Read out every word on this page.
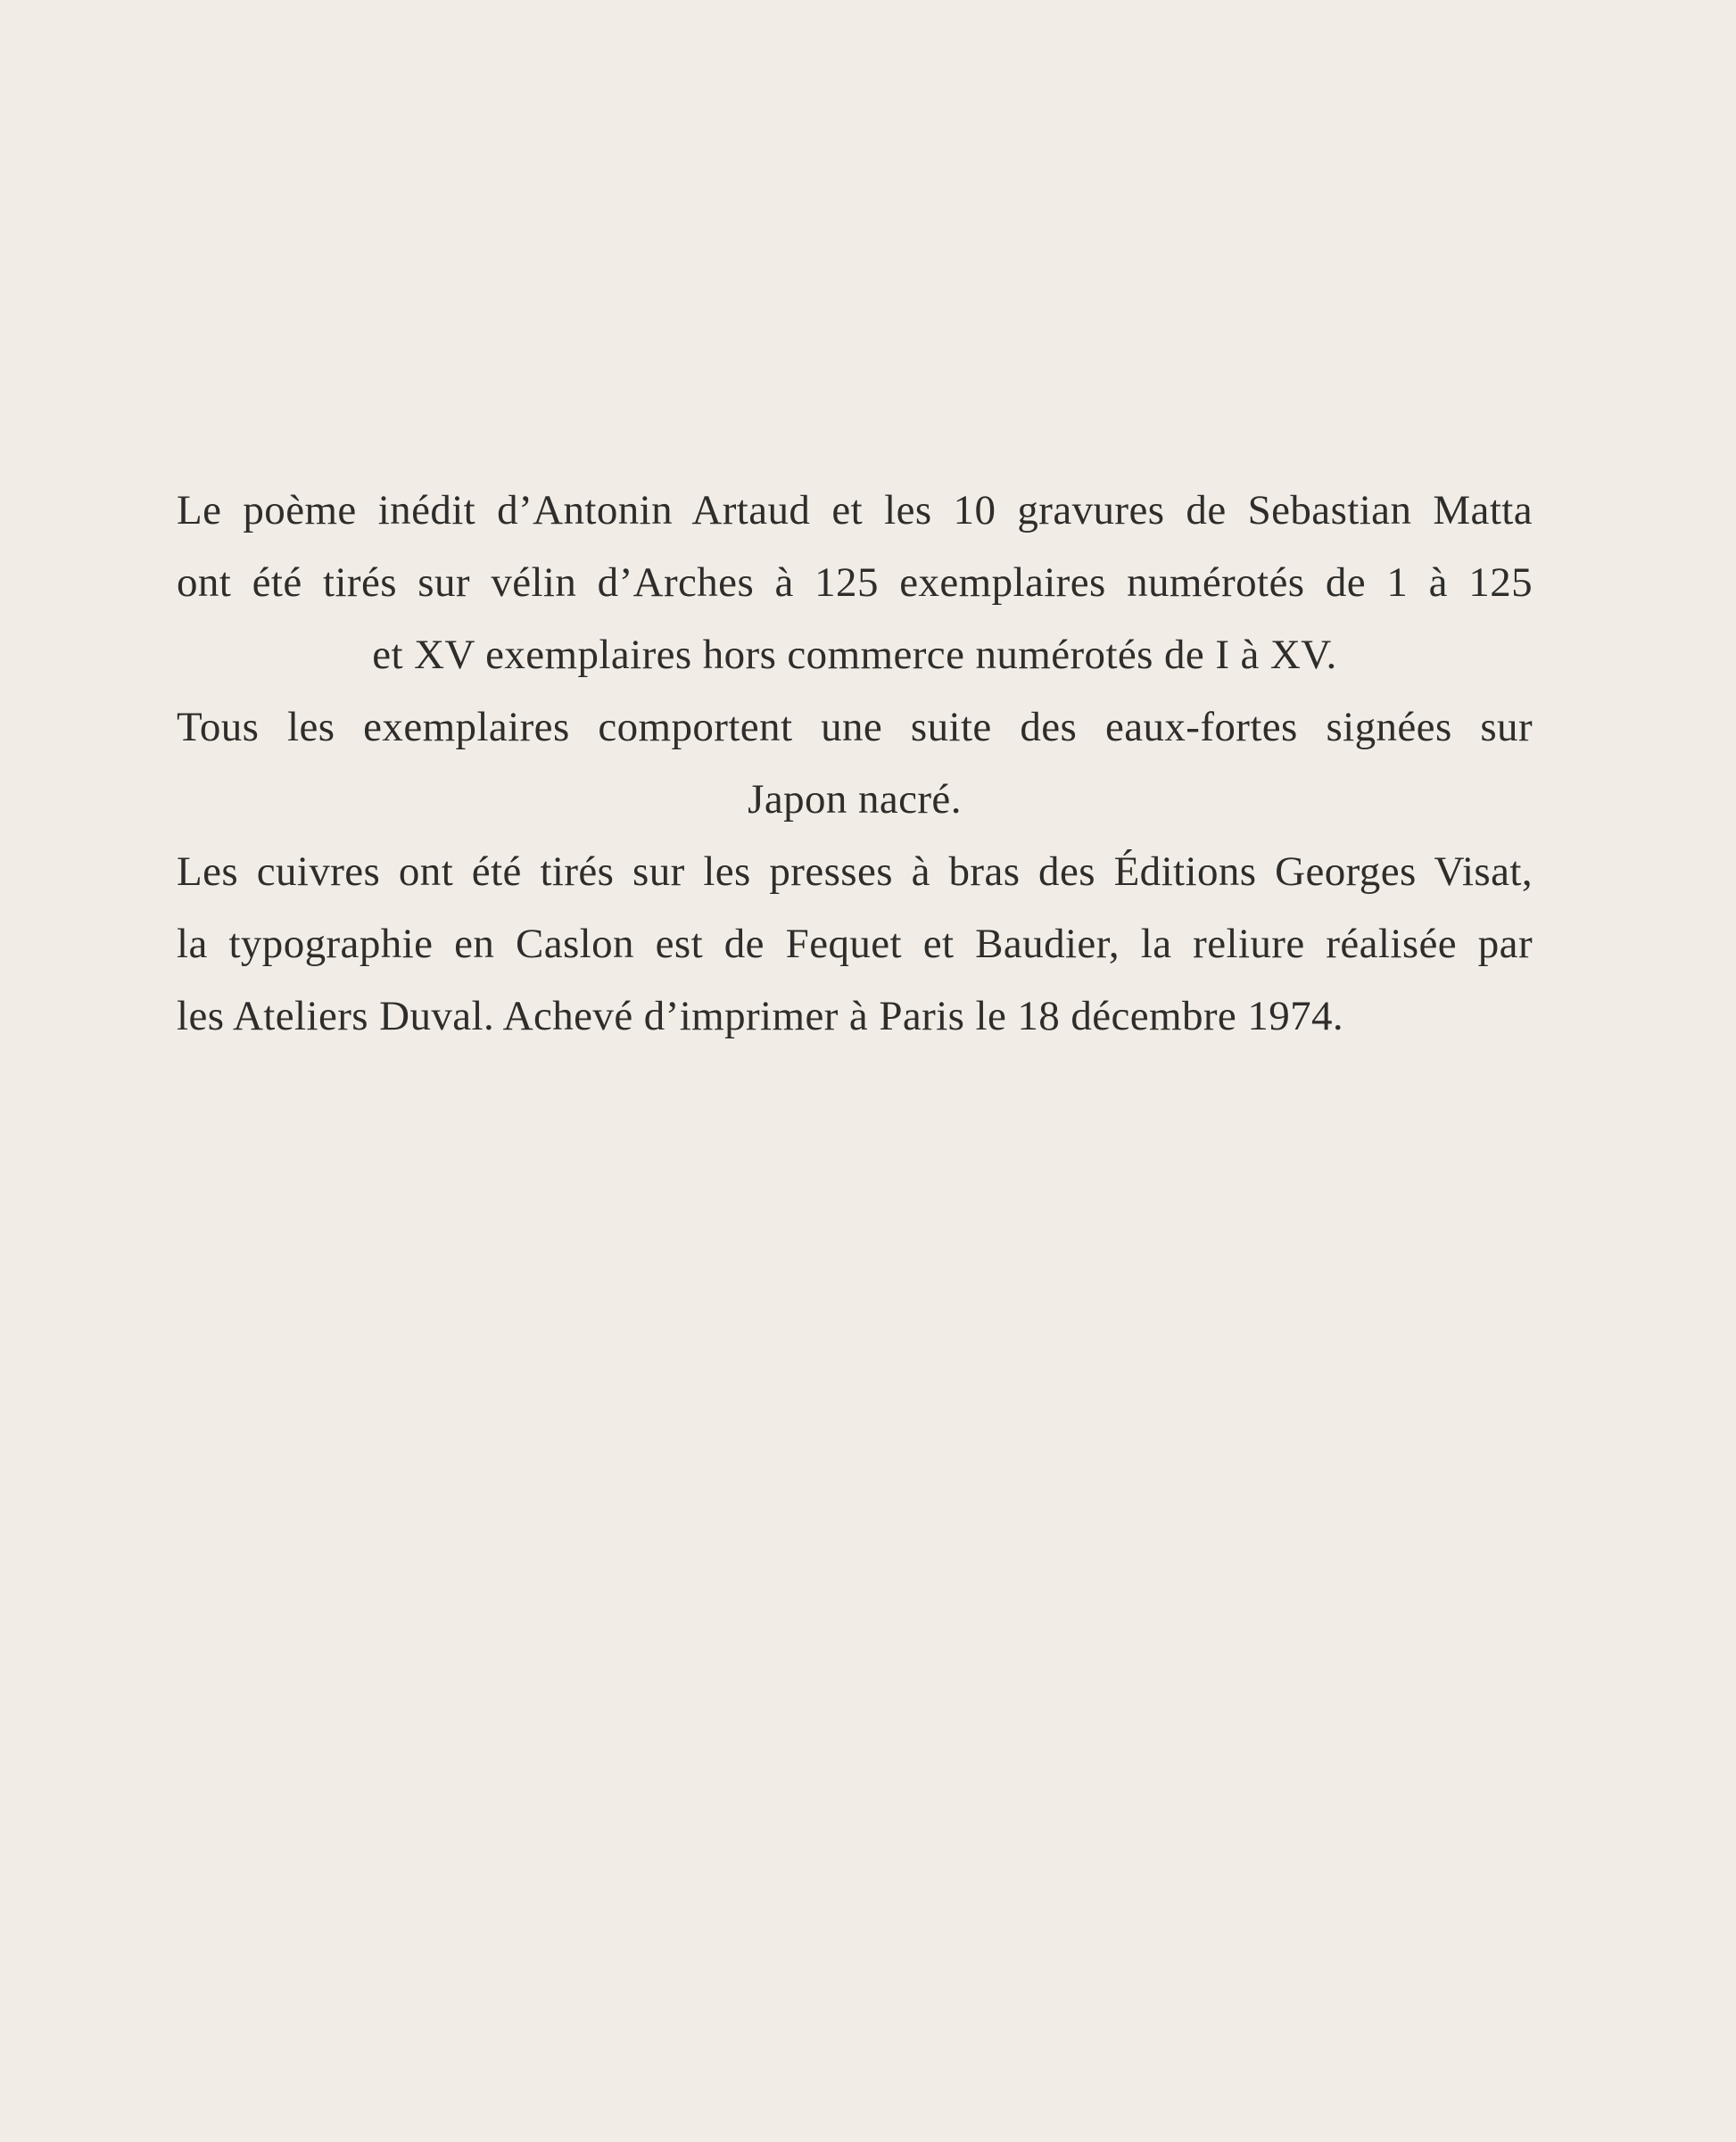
Le poème inédit d’Antonin Artaud et les 10 gravures de Sebastian Matta
ont été tirés sur vélin d’Arches à 125 exemplaires numérotés de 1 à 125
et XV exemplaires hors commerce numérotés de I à XV.
Tous les exemplaires comportent une suite des eaux-fortes signées sur
Japon nacré.
Les cuivres ont été tirés sur les presses à bras des Éditions Georges Visat,
la typographie en Caslon est de Fequet et Baudier, la reliure réalisée par
les Ateliers Duval. Achevé d’imprimer à Paris le 18 décembre 1974.
